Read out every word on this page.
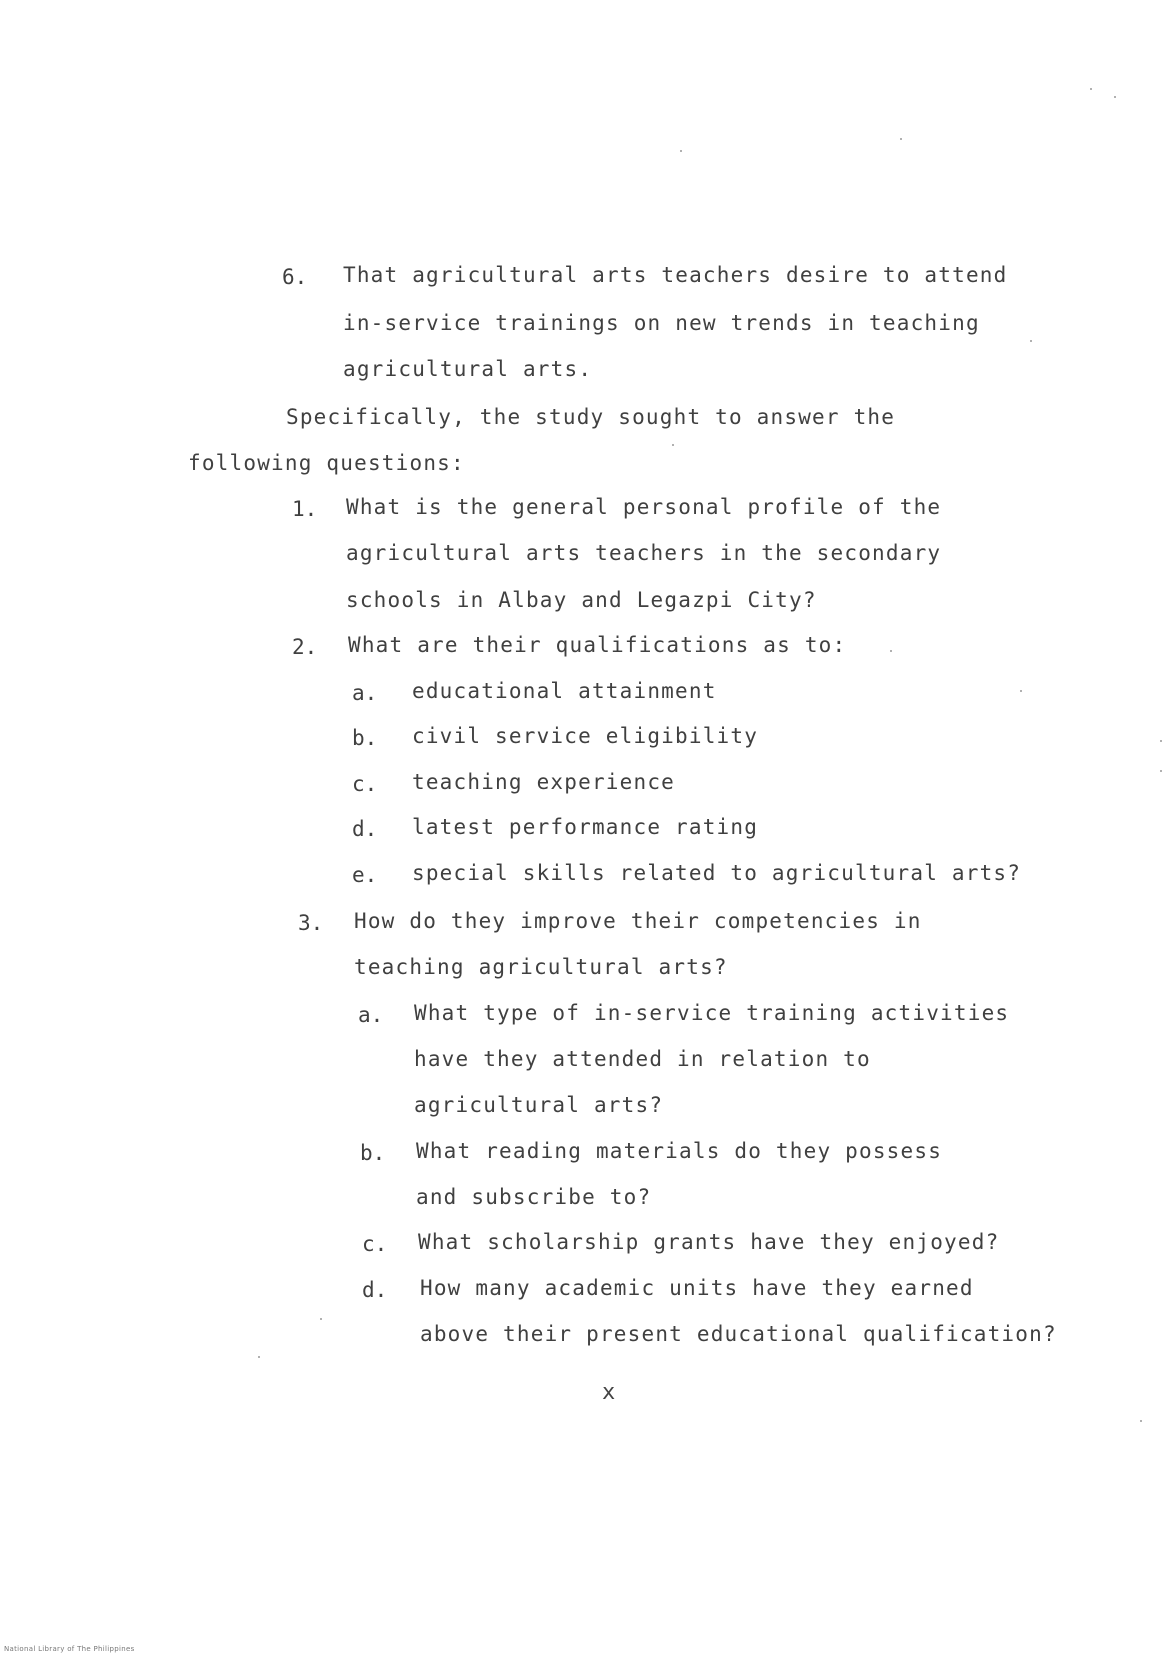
6. That agricultural arts teachers desire to attend
in-service trainings on new trends in teaching
agricultural arts.
Specifically, the study sought to answer the
following questions:
1. What is the general personal profile of the
agricultural arts teachers in the secondary
schools in Albay and Legazpi City?
2. What are their qualifications as to:
a. educational attainment
b. civil service eligibility
c. teaching experience
d. latest performance rating
e. special skills related to agricultural arts?
3. How do they improve their competencies in
teaching agricultural arts?
a. What type of in-service training activities
have they attended in relation to
agricultural arts?
b. What reading materials do they possess
and subscribe to?
c. What scholarship grants have they enjoyed?
d. How many academic units have they earned
above their present educational qualification?
x
National Library of The Philippines
